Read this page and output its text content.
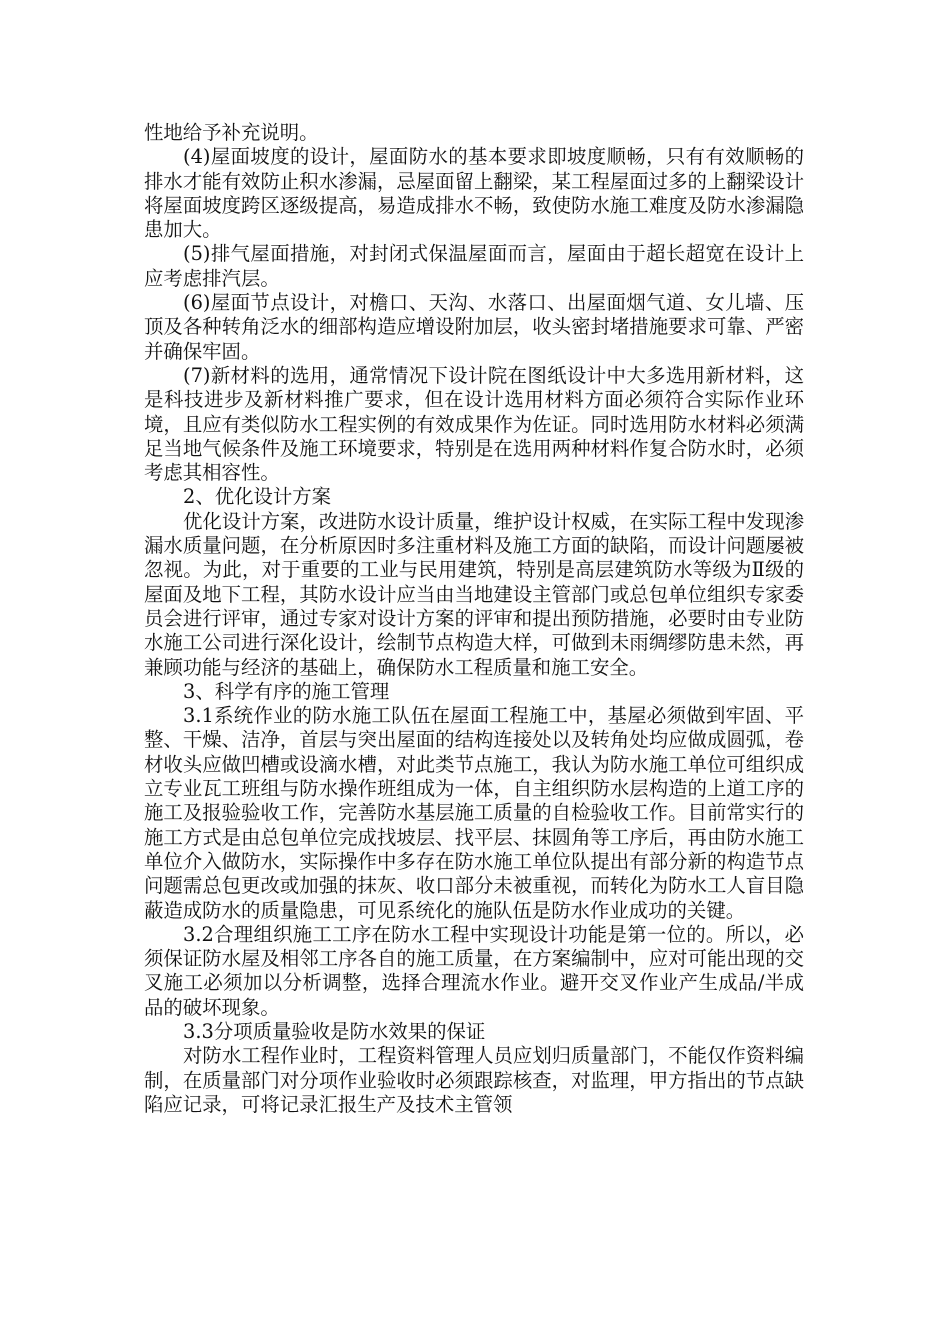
性地给予补充说明。

(4)屋面坡度的设计，屋面防水的基本要求即坡度顺畅，只有有效顺畅的排水才能有效防止积水渗漏，忌屋面留上翻梁，某工程屋面过多的上翻梁设计将屋面坡度跨区逐级提高，易造成排水不畅，致使防水施工难度及防水渗漏隐患加大。

(5)排气屋面措施，对封闭式保温屋面而言，屋面由于超长超宽在设计上应考虑排汽层。

(6)屋面节点设计，对檐口、天沟、水落口、出屋面烟气道、女儿墙、压顶及各种转角泛水的细部构造应增设附加层，收头密封堵措施要求可靠、严密并确保牢固。

(7)新材料的选用，通常情况下设计院在图纸设计中大多选用新材料，这是科技进步及新材料推广要求，但在设计选用材料方面必须符合实际作业环境，且应有类似防水工程实例的有效成果作为佐证。同时选用防水材料必须满足当地气候条件及施工环境要求，特别是在选用两种材料作复合防水时，必须考虑其相容性。

2、优化设计方案

优化设计方案，改进防水设计质量，维护设计权威，在实际工程中发现渗漏水质量问题，在分析原因时多注重材料及施工方面的缺陷，而设计问题屡被忽视。为此，对于重要的工业与民用建筑，特别是高层建筑防水等级为Ⅱ级的屋面及地下工程，其防水设计应当由当地建设主管部门或总包单位组织专家委员会进行评审，通过专家对设计方案的评审和提出预防措施，必要时由专业防水施工公司进行深化设计，绘制节点构造大样，可做到未雨绸缪防患未然，再兼顾功能与经济的基础上，确保防水工程质量和施工安全。

3、科学有序的施工管理

3.1系统作业的防水施工队伍在屋面工程施工中，基屋必须做到牢固、平整、干燥、洁净，首层与突出屋面的结构连接处以及转角处均应做成圆弧，卷材收头应做凹槽或设滴水槽，对此类节点施工，我认为防水施工单位可组织成立专业瓦工班组与防水操作班组成为一体，自主组织防水层构造的上道工序的施工及报验验收工作，完善防水基层施工质量的自检验收工作。目前常实行的施工方式是由总包单位完成找坡层、找平层、抹圆角等工序后，再由防水施工单位介入做防水，实际操作中多存在防水施工单位队提出有部分新的构造节点问题需总包更改或加强的抹灰、收口部分未被重视，而转化为防水工人盲目隐蔽造成防水的质量隐患，可见系统化的施队伍是防水作业成功的关键。

3.2合理组织施工工序在防水工程中实现设计功能是第一位的。所以，必须保证防水屋及相邻工序各自的施工质量，在方案编制中，应对可能出现的交叉施工必须加以分析调整，选择合理流水作业。避开交叉作业产生成品/半成品的破坏现象。

3.3分项质量验收是防水效果的保证

对防水工程作业时，工程资料管理人员应划归质量部门，不能仅作资料编制，在质量部门对分项作业验收时必须跟踪核查，对监理，甲方指出的节点缺陷应记录，可将记录汇报生产及技术主管领
